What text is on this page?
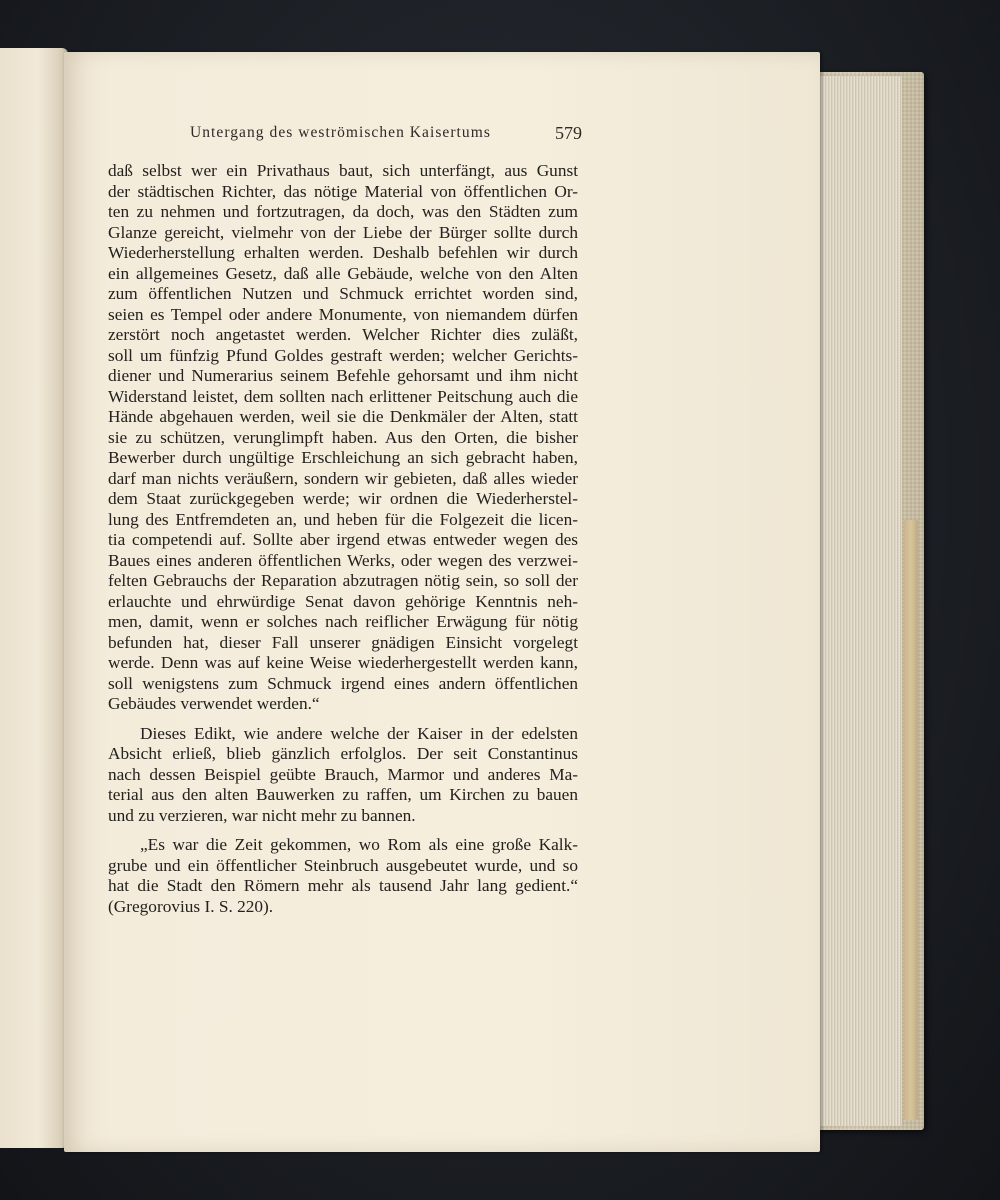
Untergang des weströmischen Kaisertums	579

daß selbst wer ein Privathaus baut, sich unterfängt, aus Gunst
der städtischen Richter, das nötige Material von öffentlichen Or-
ten zu nehmen und fortzutragen, da doch, was den Städten zum
Glanze gereicht, vielmehr von der Liebe der Bürger sollte durch
Wiederherstellung erhalten werden. Deshalb befehlen wir durch
ein allgemeines Gesetz, daß alle Gebäude, welche von den Alten
zum öffentlichen Nutzen und Schmuck errichtet worden sind,
seien es Tempel oder andere Monumente, von niemandem dürfen
zerstört noch angetastet werden. Welcher Richter dies zuläßt,
soll um fünfzig Pfund Goldes gestraft werden; welcher Gerichts-
diener und Numerarius seinem Befehle gehorsamt und ihm nicht
Widerstand leistet, dem sollten nach erlittener Peitschung auch die
Hände abgehauen werden, weil sie die Denkmäler der Alten, statt
sie zu schützen, verunglimpft haben. Aus den Orten, die bisher
Bewerber durch ungültige Erschleichung an sich gebracht haben,
darf man nichts veräußern, sondern wir gebieten, daß alles wieder
dem Staat zurückgegeben werde; wir ordnen die Wiederherstel-
lung des Entfremdeten an, und heben für die Folgezeit die licen-
tia competendi auf. Sollte aber irgend etwas entweder wegen des
Baues eines anderen öffentlichen Werks, oder wegen des verzwei-
felten Gebrauchs der Reparation abzutragen nötig sein, so soll der
erlauchte und ehrwürdige Senat davon gehörige Kenntnis neh-
men, damit, wenn er solches nach reiflicher Erwägung für nötig
befunden hat, dieser Fall unserer gnädigen Einsicht vorgelegt
werde. Denn was auf keine Weise wiederhergestellt werden kann,
soll wenigstens zum Schmuck irgend eines andern öffentlichen
Gebäudes verwendet werden.“

Dieses Edikt, wie andere welche der Kaiser in der edelsten
Absicht erließ, blieb gänzlich erfolglos. Der seit Constantinus
nach dessen Beispiel geübte Brauch, Marmor und anderes Ma-
terial aus den alten Bauwerken zu raffen, um Kirchen zu bauen
und zu verzieren, war nicht mehr zu bannen.

„Es war die Zeit gekommen, wo Rom als eine große Kalk-
grube und ein öffentlicher Steinbruch ausgebeutet wurde, und so
hat die Stadt den Römern mehr als tausend Jahr lang gedient.“
(Gregorovius I. S. 220).
